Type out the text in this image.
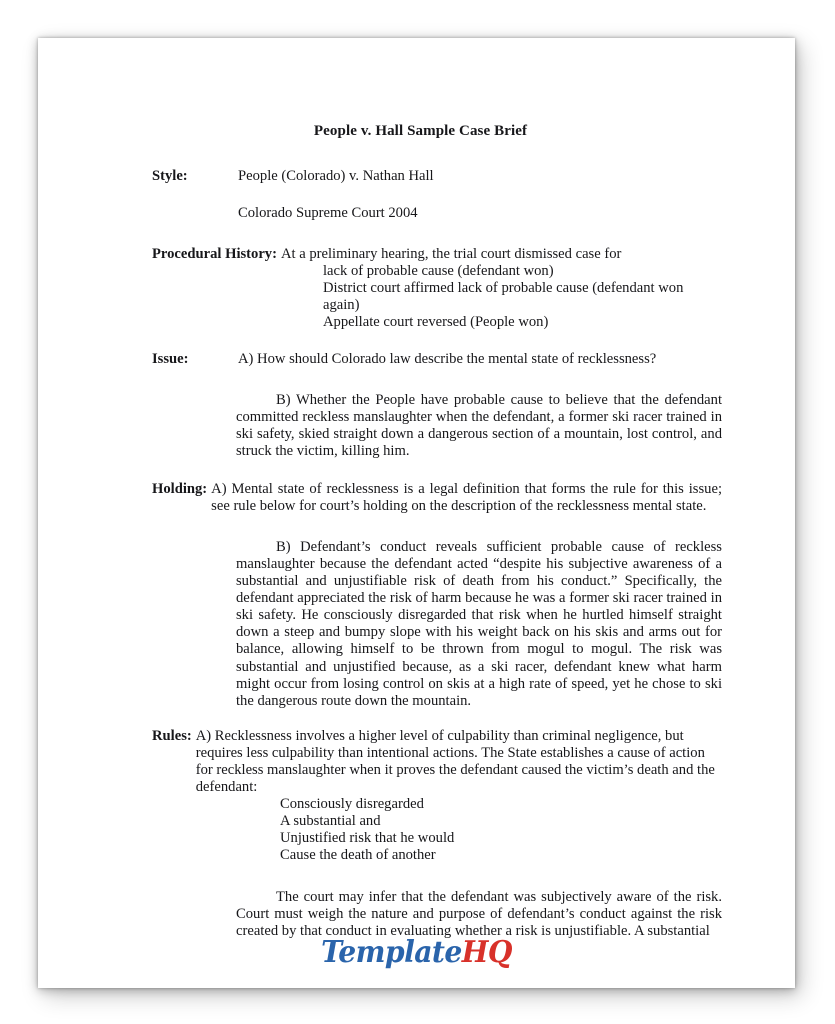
People v. Hall Sample Case Brief
Style:	People (Colorado) v. Nathan Hall
Colorado Supreme Court 2004
Procedural History: At a preliminary hearing, the trial court dismissed case for
lack of probable cause (defendant won)
District court affirmed lack of probable cause (defendant won
again)
Appellate court reversed (People won)
Issue:	A) How should Colorado law describe the mental state of recklessness?
B) Whether the People have probable cause to believe that the defendant committed reckless manslaughter when the defendant, a former ski racer trained in ski safety, skied straight down a dangerous section of a mountain, lost control, and struck the victim, killing him.
Holding: A) Mental state of recklessness is a legal definition that forms the rule for this issue; see rule below for court’s holding on the description of the recklessness mental state.
B) Defendant’s conduct reveals sufficient probable cause of reckless manslaughter because the defendant acted “despite his subjective awareness of a substantial and unjustifiable risk of death from his conduct.” Specifically, the defendant appreciated the risk of harm because he was a former ski racer trained in ski safety. He consciously disregarded that risk when he hurtled himself straight down a steep and bumpy slope with his weight back on his skis and arms out for balance, allowing himself to be thrown from mogul to mogul. The risk was substantial and unjustified because, as a ski racer, defendant knew what harm might occur from losing control on skis at a high rate of speed, yet he chose to ski the dangerous route down the mountain.
Rules: A) Recklessness involves a higher level of culpability than criminal negligence, but requires less culpability than intentional actions. The State establishes a cause of action for reckless manslaughter when it proves the defendant caused the victim’s death and the defendant:
Consciously disregarded
A substantial and
Unjustified risk that he would
Cause the death of another
The court may infer that the defendant was subjectively aware of the risk. Court must weigh the nature and purpose of defendant’s conduct against the risk created by that conduct in evaluating whether a risk is unjustifiable. A substantial
TemplateHQ
